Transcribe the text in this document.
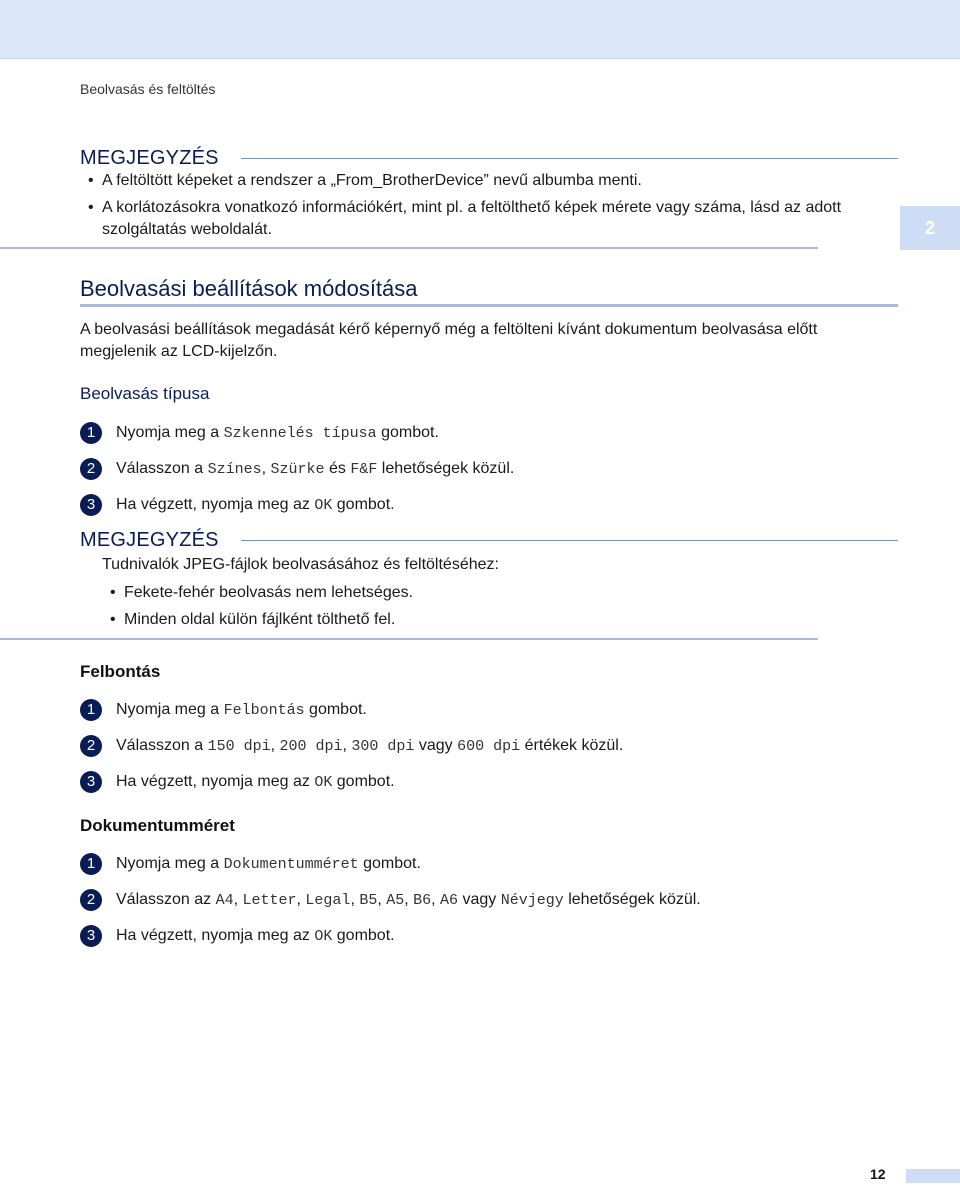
Beolvasás és feltöltés
MEGJEGYZÉS
• A feltöltött képeket a rendszer a „From_BrotherDevice” nevű albumba menti.
• A korlátozásokra vonatkozó információkért, mint pl. a feltölthető képek mérete vagy száma, lásd az adott
szolgáltatás weboldalát.	2
Beolvasási beállítások módosítása
A beolvasási beállítások megadását kérő képernyő még a feltölteni kívánt dokumentum beolvasása előtt
megjelenik az LCD-kijelzőn.
Beolvasás típusa
1	Nyomja meg a Szkennelés típusa gombot.
2	Válasszon a Színes, Szürke és F&F lehetőségek közül.
3	Ha végzett, nyomja meg az OK gombot.
MEGJEGYZÉS
Tudnivalók JPEG-fájlok beolvasásához és feltöltéséhez:
• Fekete-fehér beolvasás nem lehetséges.
• Minden oldal külön fájlként tölthető fel.
Felbontás
1	Nyomja meg a Felbontás gombot.
2	Válasszon a 150 dpi, 200 dpi, 300 dpi vagy 600 dpi értékek közül.
3	Ha végzett, nyomja meg az OK gombot.
Dokumentumméret
1	Nyomja meg a Dokumentumméret gombot.
2	Válasszon az A4, Letter, Legal, B5, A5, B6, A6 vagy Névjegy lehetőségek közül.
3	Ha végzett, nyomja meg az OK gombot.
12
